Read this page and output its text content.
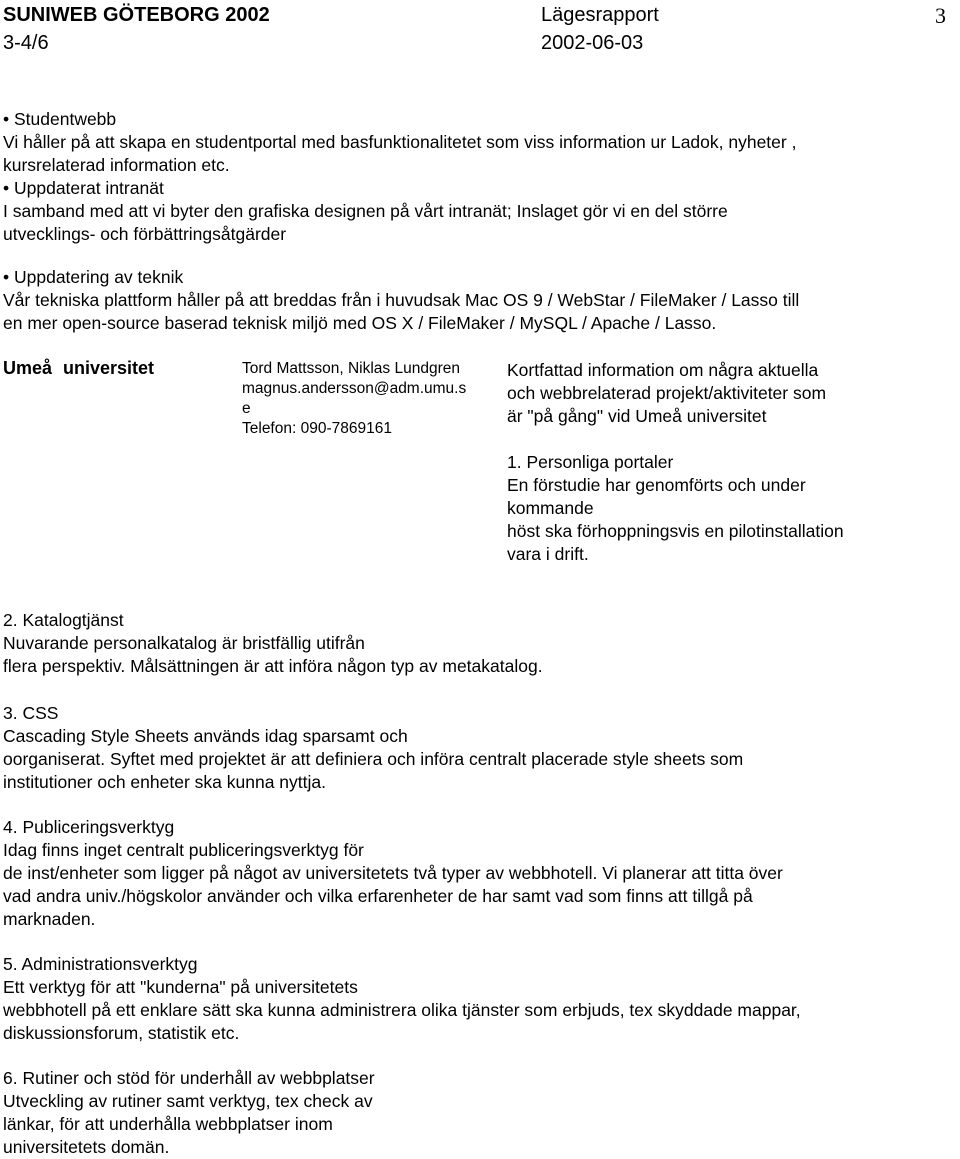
SUNIWEB GÖTEBORG 2002
3-4/6
Lägesrapport
2002-06-03
3
• Studentwebb
Vi håller på att skapa en studentportal med basfunktionalitetet som viss information ur Ladok, nyheter ,
kursrelaterad information etc.
• Uppdaterat intranät
I samband med att vi byter den grafiska designen på vårt intranät; Inslaget gör vi en del större
utvecklings- och förbättringsåtgärder
• Uppdatering av teknik
Vår tekniska plattform håller på att breddas från i huvudsak Mac OS 9 / WebStar / FileMaker / Lasso till
en mer open-source baserad teknisk miljö med OS X / FileMaker / MySQL / Apache / Lasso.
Umeå universitet	Tord Mattsson, Niklas Lundgren
magnus.andersson@adm.umu.s
e
Telefon: 090-7869161
Kortfattad information om några aktuella
och webbrelaterad projekt/aktiviteter som
är "på gång" vid Umeå universitet
1. Personliga portaler
En förstudie har genomförts och under
kommande
höst ska förhoppningsvis en pilotinstallation
vara i drift.
2. Katalogtjänst
Nuvarande personalkatalog är bristfällig utifrån
flera perspektiv. Målsättningen är att införa någon typ av metakatalog.
3. CSS
Cascading Style Sheets används idag sparsamt och
oorganiserat. Syftet med projektet är att definiera och införa centralt placerade style sheets som
institutioner och enheter ska kunna nyttja.
4. Publiceringsverktyg
Idag finns inget centralt publiceringsverktyg för
de inst/enheter som ligger på något av universitetets två typer av webbhotell. Vi planerar att titta över
vad andra univ./högskolor använder och vilka erfarenheter de har samt vad som finns att tillgå på
marknaden.
5. Administrationsverktyg
Ett verktyg för att "kunderna" på universitetets
webbhotell på ett enklare sätt ska kunna administrera olika tjänster som erbjuds, tex skyddade mappar,
diskussionsforum, statistik etc.
6. Rutiner och stöd för underhåll av webbplatser
Utveckling av rutiner samt verktyg, tex check av
länkar, för att underhålla webbplatser inom
universitetets domän.
